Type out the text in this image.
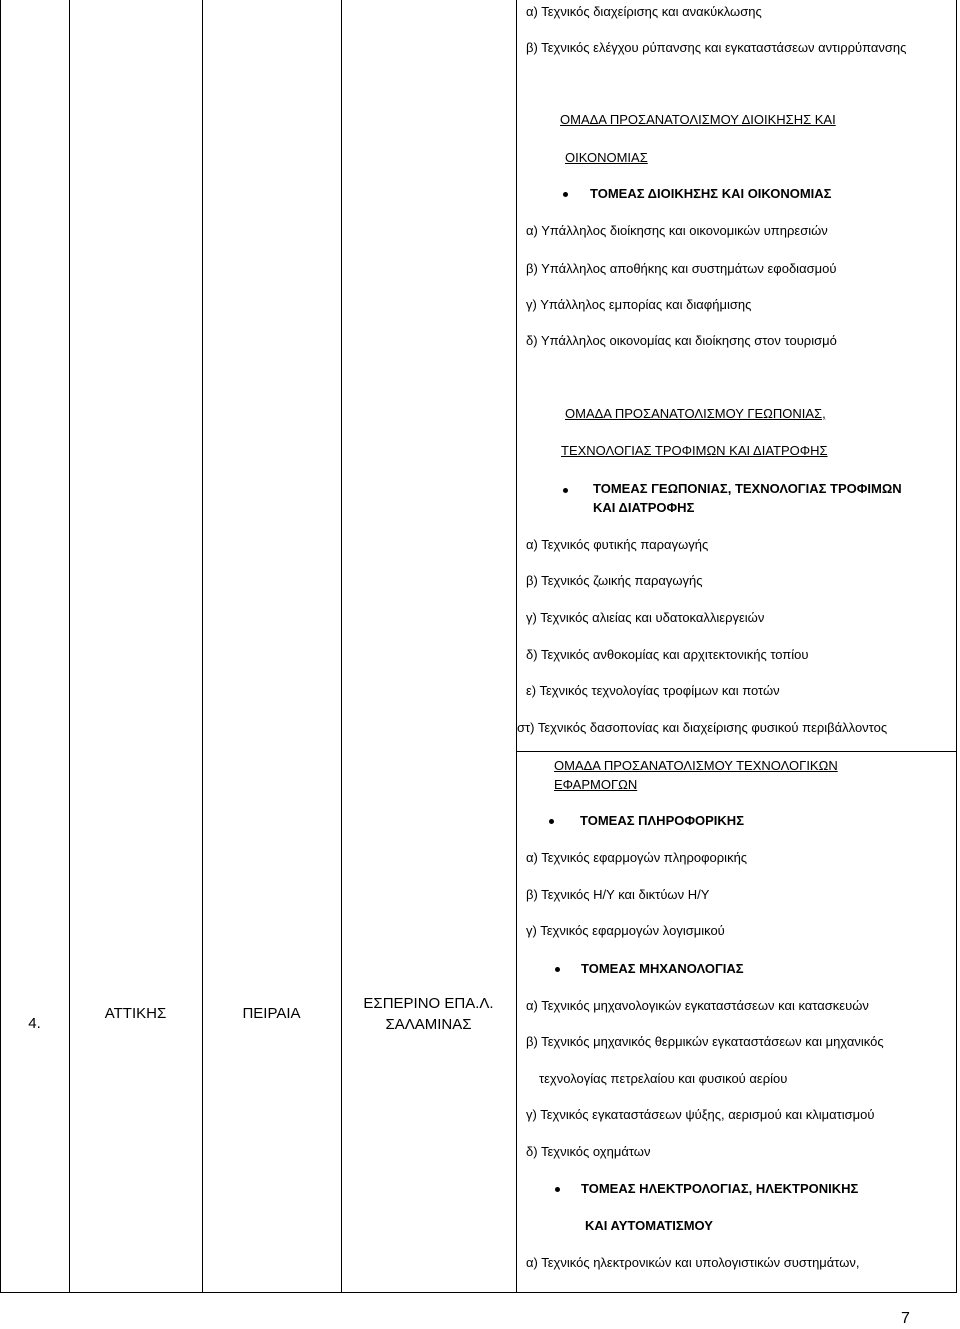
4.
ΑΤΤΙΚΗΣ	ΠΕΙΡΑΙΑ
ΕΣΠΕΡΙΝΟ ΕΠΑ.Λ.
ΣΑΛΑΜΙΝΑΣ
α) Τεχνικός διαχείρισης και ανακύκλωσης
β) Τεχνικός ελέγχου ρύπανσης και εγκαταστάσεων αντιρρύπανσης
ΟΜΑΔΑ ΠΡΟΣΑΝΑΤΟΛΙΣΜΟΥ ΔΙΟΙΚΗΣΗΣ ΚΑΙ
ΟΙΚΟΝΟΜΙΑΣ
ΤΟΜΕΑΣ ΔΙΟΙΚΗΣΗΣ ΚΑΙ ΟΙΚΟΝΟΜΙΑΣ
α) Υπάλληλος διοίκησης και οικονομικών υπηρεσιών
β) Υπάλληλος αποθήκης και συστημάτων εφοδιασμού
γ) Υπάλληλος εμπορίας και διαφήμισης
δ) Υπάλληλος οικονομίας και διοίκησης στον τουρισμό
ΟΜΑΔΑ ΠΡΟΣΑΝΑΤΟΛΙΣΜΟΥ ΓΕΩΠΟΝΙΑΣ,
ΤΕΧΝΟΛΟΓΙΑΣ ΤΡΟΦΙΜΩΝ ΚΑΙ ΔΙΑΤΡΟΦΗΣ
ΤΟΜΕΑΣ ΓΕΩΠΟΝΙΑΣ, ΤΕΧΝΟΛΟΓΙΑΣ ΤΡΟΦΙΜΩΝ
ΚΑΙ ΔΙΑΤΡΟΦΗΣ
α) Τεχνικός φυτικής παραγωγής
β) Τεχνικός ζωικής παραγωγής
γ) Τεχνικός αλιείας και υδατοκαλλιεργειών
δ) Τεχνικός ανθοκομίας και αρχιτεκτονικής τοπίου
ε) Τεχνικός τεχνολογίας τροφίμων και ποτών
στ) Τεχνικός δασοπονίας και διαχείρισης φυσικού περιβάλλοντος
ΟΜΑΔΑ ΠΡΟΣΑΝΑΤΟΛΙΣΜΟΥ ΤΕΧΝΟΛΟΓΙΚΩΝ
ΕΦΑΡΜΟΓΩΝ
ΤΟΜΕΑΣ ΠΛΗΡΟΦΟΡΙΚΗΣ
α) Τεχνικός εφαρμογών πληροφορικής
β) Τεχνικός Η/Υ και δικτύων Η/Υ
γ) Τεχνικός εφαρμογών λογισμικού
ΤΟΜΕΑΣ ΜΗΧΑΝΟΛΟΓΙΑΣ
α) Τεχνικός μηχανολογικών εγκαταστάσεων και κατασκευών
β) Τεχνικός μηχανικός θερμικών εγκαταστάσεων και μηχανικός
τεχνολογίας πετρελαίου και φυσικού αερίου
γ) Τεχνικός εγκαταστάσεων ψύξης, αερισμού και κλιματισμού
δ) Τεχνικός οχημάτων
ΤΟΜΕΑΣ ΗΛΕΚΤΡΟΛΟΓΙΑΣ, ΗΛΕΚΤΡΟΝΙΚΗΣ
ΚΑΙ ΑΥΤΟΜΑΤΙΣΜΟΥ
α) Τεχνικός ηλεκτρονικών και υπολογιστικών συστημάτων,
7
